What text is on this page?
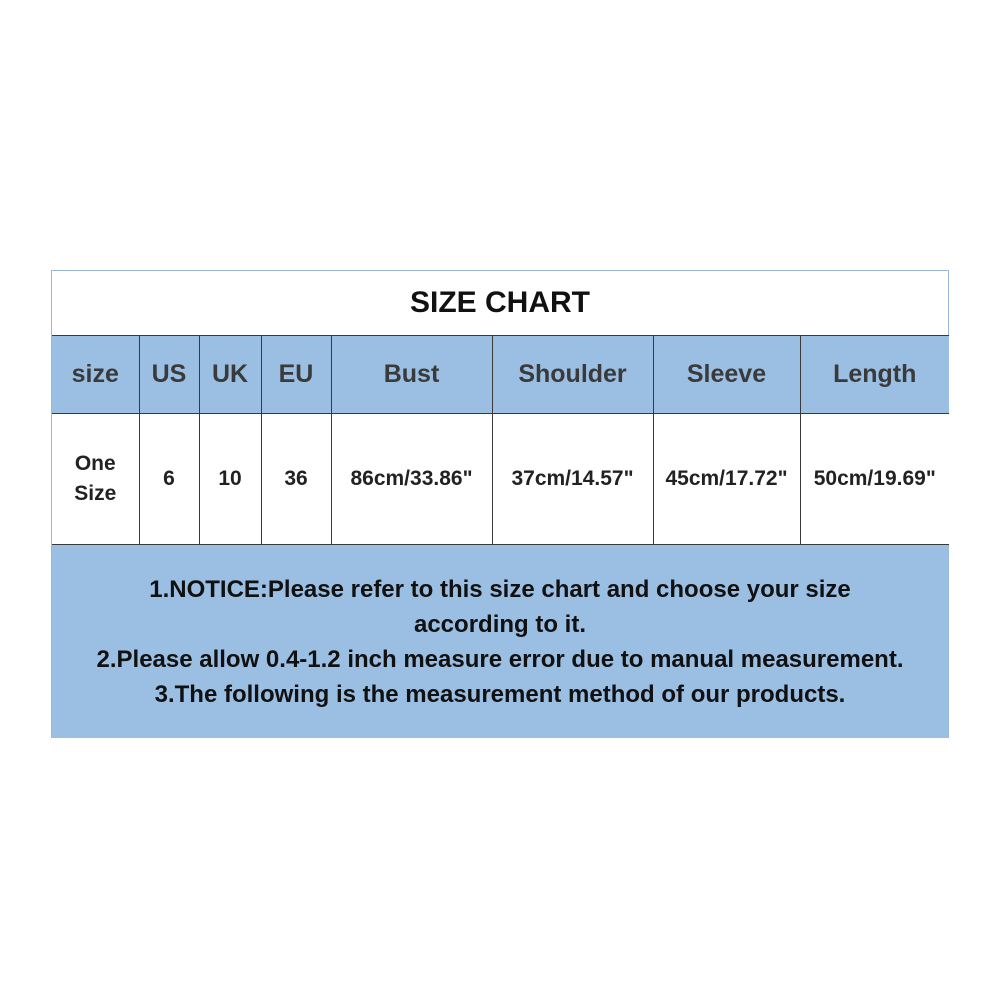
SIZE CHART
size	US	UK	EU	Bust	Shoulder	Sleeve	Length
One
Size	6	10	36	86cm/33.86"	37cm/14.57"	45cm/17.72"	50cm/19.69"
1.NOTICE:Please refer to this size chart and choose your size
according to it.
2.Please allow 0.4-1.2 inch measure error due to manual measurement.
3.The following is the measurement method of our products.
